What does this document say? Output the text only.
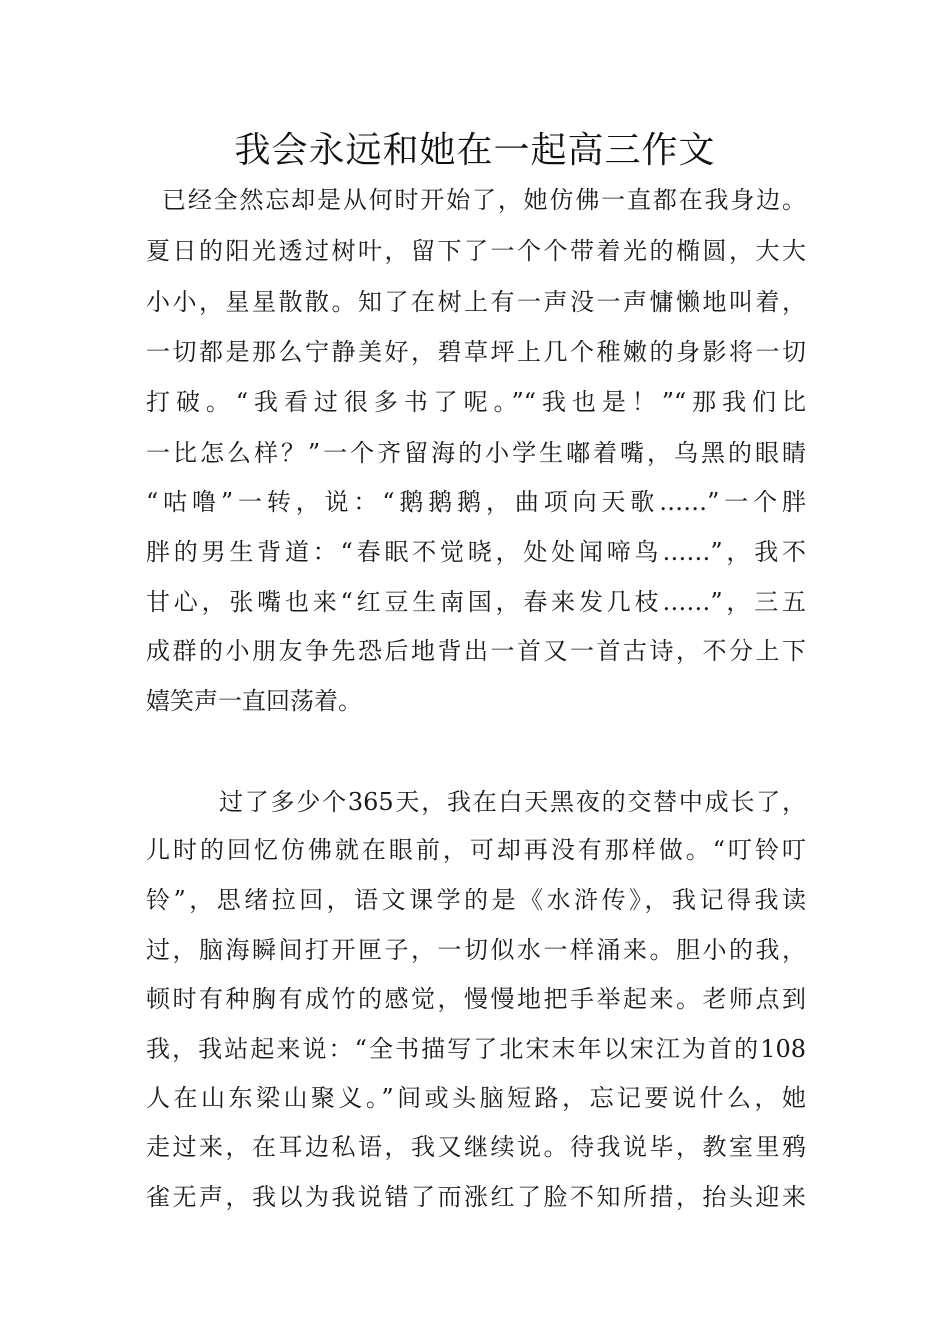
我会永远和她在一起高三作文
已经全然忘却是从何时开始了，她仿佛一直都在我身边。
夏日的阳光透过树叶，留下了一个个带着光的椭圆，大大
小小，星星散散。知了在树上有一声没一声慵懒地叫着，
一切都是那么宁静美好，碧草坪上几个稚嫩的身影将一切
打破。“我看过很多书了呢。”“我也是！”“那我们比
一比怎么样？”一个齐留海的小学生嘟着嘴，乌黑的眼睛
“咕噜”一转，说：“鹅鹅鹅，曲项向天歌……”一个胖
胖的男生背道：“春眠不觉晓，处处闻啼鸟……”，我不
甘心，张嘴也来“红豆生南国，春来发几枝……”，三五
成群的小朋友争先恐后地背出一首又一首古诗，不分上下
嬉笑声一直回荡着。
过了多少个365天，我在白天黑夜的交替中成长了，
儿时的回忆仿佛就在眼前，可却再没有那样做。“叮铃叮
铃”，思绪拉回，语文课学的是《水浒传》，我记得我读
过，脑海瞬间打开匣子，一切似水一样涌来。胆小的我，
顿时有种胸有成竹的感觉，慢慢地把手举起来。老师点到
我，我站起来说：“全书描写了北宋末年以宋江为首的108
人在山东梁山聚义。”间或头脑短路，忘记要说什么，她
走过来，在耳边私语，我又继续说。待我说毕，教室里鸦
雀无声，我以为我说错了而涨红了脸不知所措，抬头迎来
